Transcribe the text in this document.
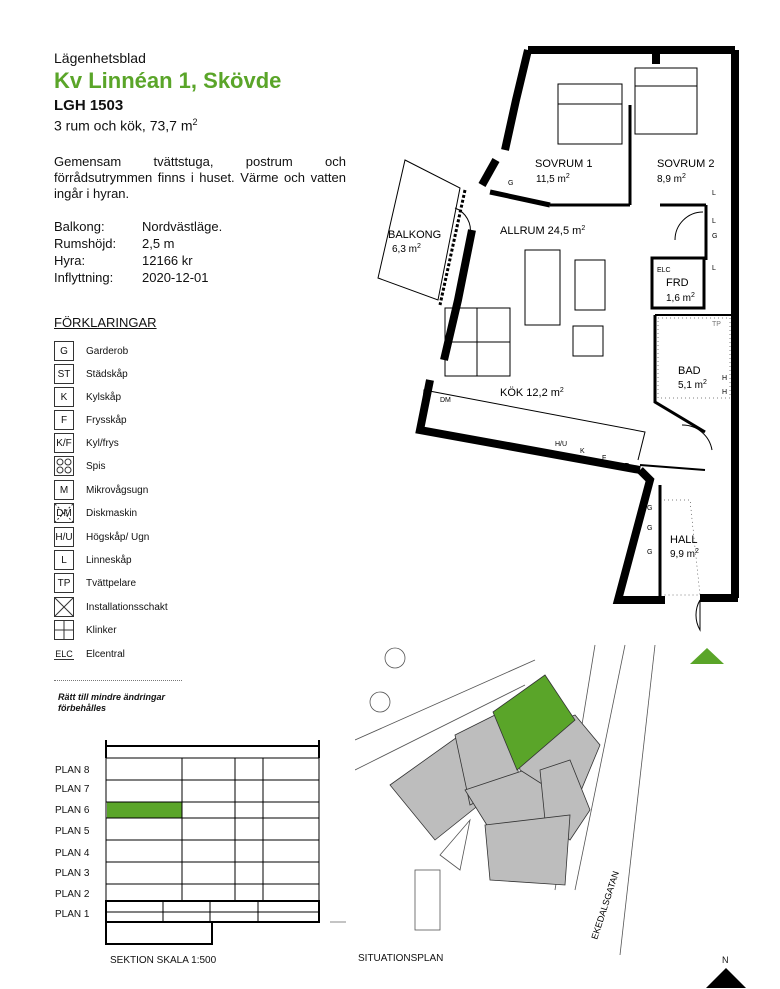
Lägenhetsblad
Kv Linnéan 1, Skövde
LGH 1503
3 rum och kök, 73,7 $m^2$
Gemensam tvättstuga, postrum och förrådsutrymmen finns i huset. Värme och vatten ingår i hyran.
Balkong:	Nordvästläge.
Rumshöjd: 2,5 m
Hyra:	12166 kr
Inflyttning: 2020-12-01
FÖRKLARINGAR
G	Garderob
ST	Städskåp
K	Kylskåp
F	Frysskåp
K/F Kyl/frys
Spis
M	Mikrovågsugn
DM Diskmaskin
H/U Högskåp/ Ugn
L	Linneskåp
TP	Tvättpelare
Installationsschakt
Klinker
ELC Elcentral
Rätt till mindre ändringar förbehålles
PLAN 8
PLAN 7
PLAN 6
PLAN 5
PLAN 4
PLAN 3
PLAN 2
PLAN 1
SEKTION SKALA 1:500
SOVRUM 1
11,5 $m^2$
SOVRUM 2
8,9 $m^2$
BALKONG
6,3 $m^2$
ALLRUM 24,5 $m^2$
FRD
1,6 $m^2$
BAD
5,1 $m^2$
KÖK 12,2 $m^2$
HALL
9,9 $m^2$
ELC
TP
DM
H/U
K
F
ST
G
G
G
G
G
L
L
L
H
H
EKEDALSGATAN
SITUATIONSPLAN	N
